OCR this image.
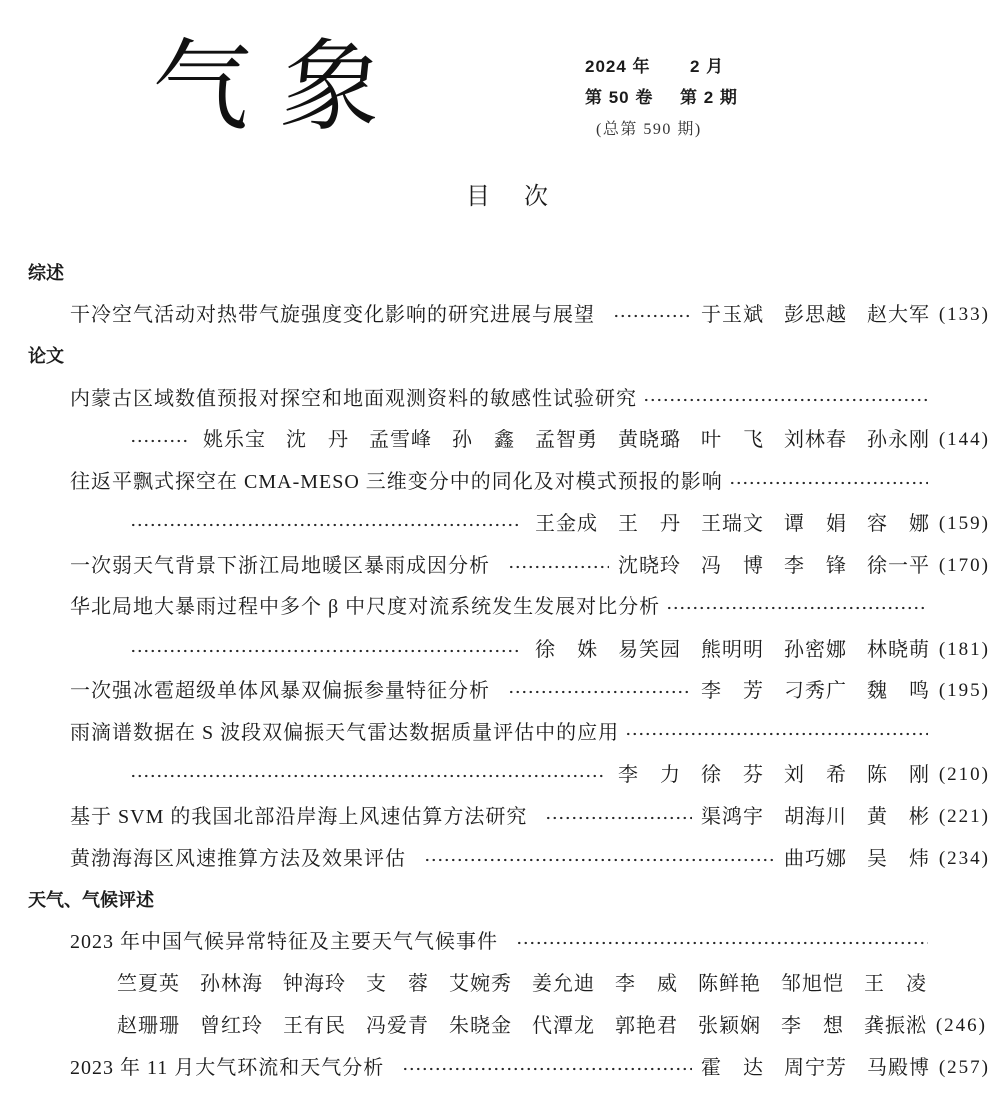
气 象	2024 年 2 月
第 50 卷 第 2 期
(总第 590 期)
目 次
综述
干冷空气活动对热带气旋强度变化影响的研究进展与展望	于玉斌 彭思越 赵大军 (133)
论文
内蒙古区域数值预报对探空和地面观测资料的敏感性试验研究
姚乐宝 沈　丹 孟雪峰 孙　鑫 孟智勇 黄晓璐 叶　飞 刘林春 孙永刚 (144)
往返平飘式探空在 CMA-MESO 三维变分中的同化及对模式预报的影响
王金成 王　丹 王瑞文 谭　娟 容　娜 (159)
一次弱天气背景下浙江局地暖区暴雨成因分析	沈晓玲 冯　博 李　锋 徐一平 (170)
华北局地大暴雨过程中多个 β 中尺度对流系统发生发展对比分析
徐　姝 易笑园 熊明明 孙密娜 林晓萌 (181)
一次强冰雹超级单体风暴双偏振参量特征分析	李　芳 刁秀广 魏　鸣 (195)
雨滴谱数据在 S 波段双偏振天气雷达数据质量评估中的应用
李　力 徐　芬 刘　希 陈　刚 (210)
基于 SVM 的我国北部沿岸海上风速估算方法研究	渠鸿宇 胡海川 黄　彬 (221)
黄渤海海区风速推算方法及效果评估	曲巧娜 吴　炜 (234)
天气、气候评述
2023 年中国气候异常特征及主要天气气候事件
竺夏英 孙林海 钟海玲 支　蓉 艾婉秀 姜允迪 李　威 陈鲜艳 邹旭恺 王　凌
赵珊珊 曾红玲 王有民 冯爱青 朱晓金 代潭龙 郭艳君 张颖娴 李　想 龚振淞 (246)
2023 年 11 月大气环流和天气分析	霍　达 周宁芳 马殿博 (257)
